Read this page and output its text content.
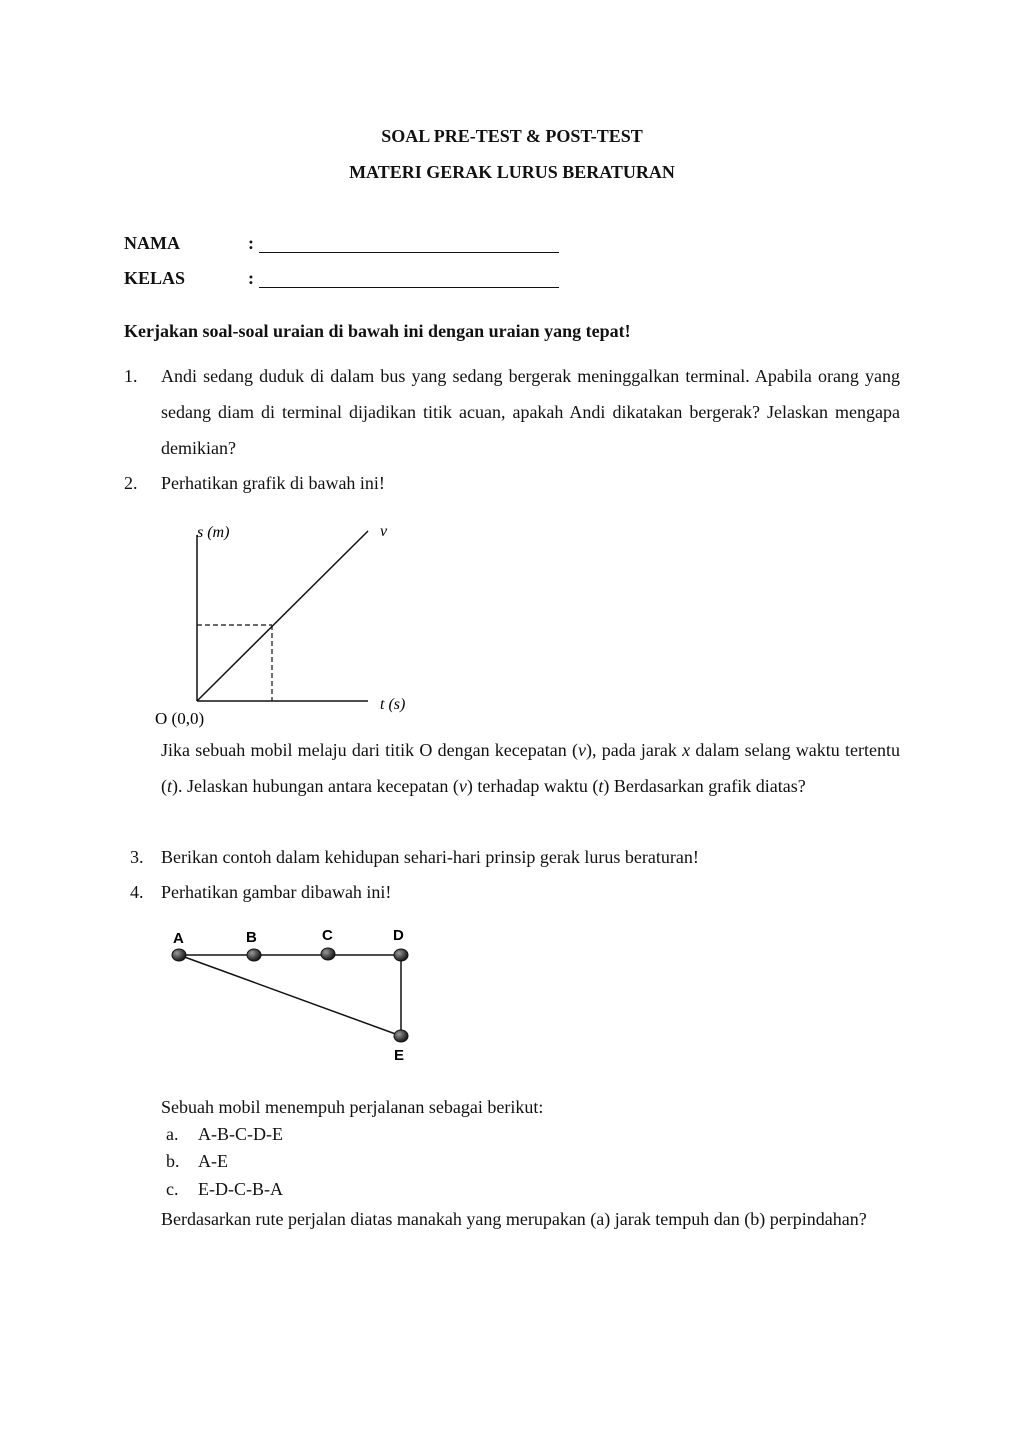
SOAL PRE-TEST & POST-TEST
MATERI GERAK LURUS BERATURAN
NAMA	:
KELAS	:
Kerjakan soal-soal uraian di bawah ini dengan uraian yang tepat!
1. Andi sedang duduk di dalam bus yang sedang bergerak meninggalkan terminal. Apabila orang yang sedang diam di terminal dijadikan titik acuan, apakah Andi dikatakan bergerak? Jelaskan mengapa demikian?
2. Perhatikan grafik di bawah ini!
s (m)	v
t (s)
O (0,0)
Jika sebuah mobil melaju dari titik O dengan kecepatan (v), pada jarak x dalam selang waktu tertentu (t). Jelaskan hubungan antara kecepatan (v) terhadap waktu (t) Berdasarkan grafik diatas?
3. Berikan contoh dalam kehidupan sehari-hari prinsip gerak lurus beraturan!
4. Perhatikan gambar dibawah ini!
A	B	C	D
E
Sebuah mobil menempuh perjalanan sebagai berikut:
a. A-B-C-D-E
b. A-E
c. E-D-C-B-A
Berdasarkan rute perjalan diatas manakah yang merupakan (a) jarak tempuh dan (b) perpindahan?
